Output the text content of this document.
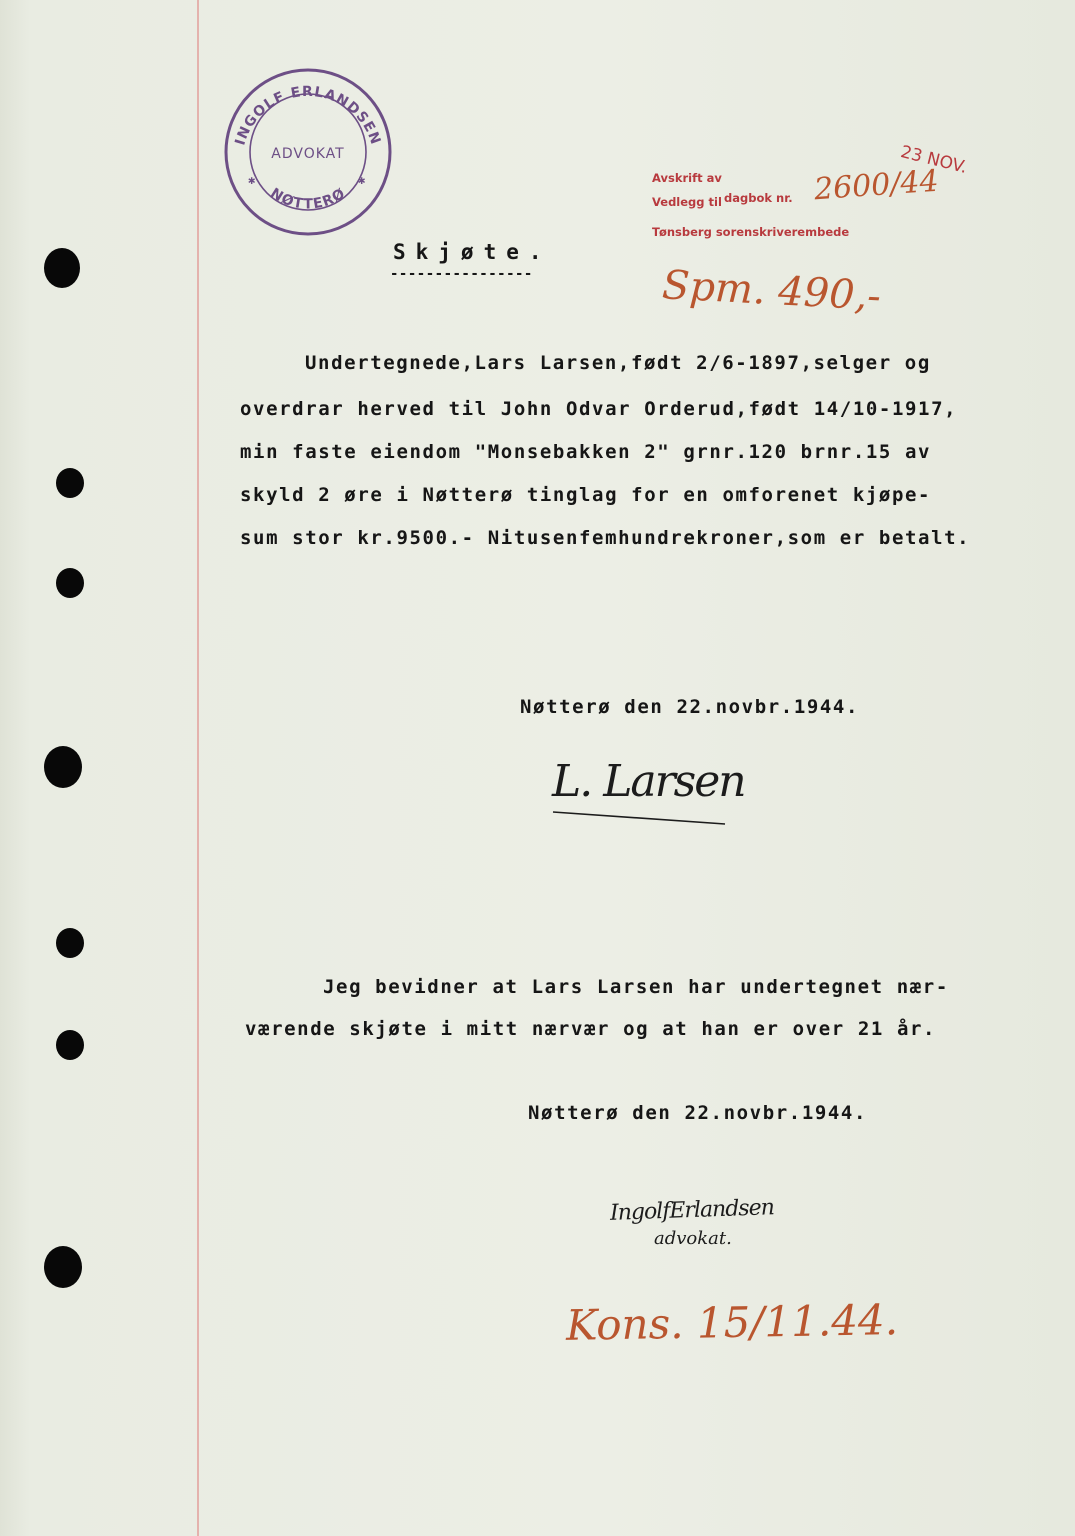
INGOLF ERLANDSEN
ADVOKAT
NØTTERØ
✱	✱	Avskrift av
Vedlegg til dagbok nr.
Tønsberg sorenskriverembede
2600/44
23 NOV.
Spm. 490,-
Skjøte.
----------------
Undertegnede,Lars Larsen,født 2/6-1897,selger og
overdrar herved til John Odvar Orderud,født 14/10-1917,
min faste eiendom "Monsebakken 2" grnr.120 brnr.15 av
skyld 2 øre i Nøtterø tinglag for en omforenet kjøpe-
sum stor kr.9500.- Nitusenfemhundrekroner,som er betalt.
Nøtterø den 22.novbr.1944.
L. Larsen
Jeg bevidner at Lars Larsen har undertegnet nær-
værende skjøte i mitt nærvær og at han er over 21 år.
Nøtterø den 22.novbr.1944.
IngolfErlandsen
advokat.
Kons. 15/11.44.
